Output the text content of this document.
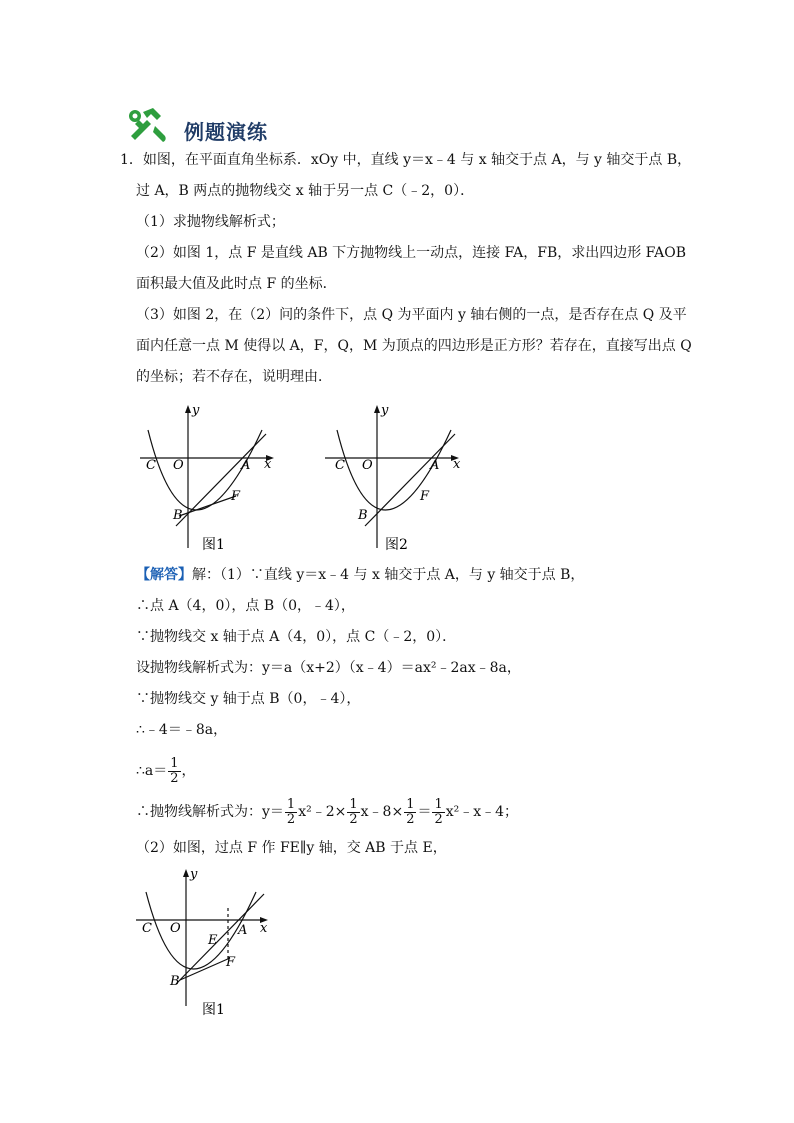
例题演练
1．如图，在平面直角坐标系．xOy 中，直线 y＝x﹣4 与 x 轴交于点 A，与 y 轴交于点 B，
过 A，B 两点的抛物线交 x 轴于另一点 C（﹣2，0）．
（1）求抛物线解析式；
（2）如图 1，点 F 是直线 AB 下方抛物线上一动点，连接 FA，FB，求出四边形 FAOB
面积最大值及此时点 F 的坐标．
（3）如图 2，在（2）问的条件下，点 Q 为平面内 y 轴右侧的一点，是否存在点 Q 及平
面内任意一点 M 使得以 A，F，Q，M 为顶点的四边形是正方形？若存在，直接写出点 Q
的坐标；若不存在，说明理由．
y
x
C O	A
B
F
图1
y
x
C O	A
B
F
图2
【解答】解：（1）∵直线 y＝x﹣4 与 x 轴交于点 A，与 y 轴交于点 B，
∴点 A（4，0），点 B（0，﹣4），
∵抛物线交 x 轴于点 A（4，0），点 C（﹣2，0）．
设抛物线解析式为：y＝a（x+2）（x﹣4）＝ax²﹣2ax﹣8a，
∵抛物线交 y 轴于点 B（0，﹣4），
∴﹣4＝﹣8a，
∴a＝ $\frac{1}{2}$ ，
∴抛物线解析式为：$y= \frac{1}{2}$ x²﹣2× $\frac{1}{2}$ x﹣8× $\frac{1}{2} = \frac{1}{2}$ x²﹣x﹣4；
（2）如图，过点 F 作 FE∥y 轴，交 AB 于点 E，
y
x
C O	A
B
F
E
图1
